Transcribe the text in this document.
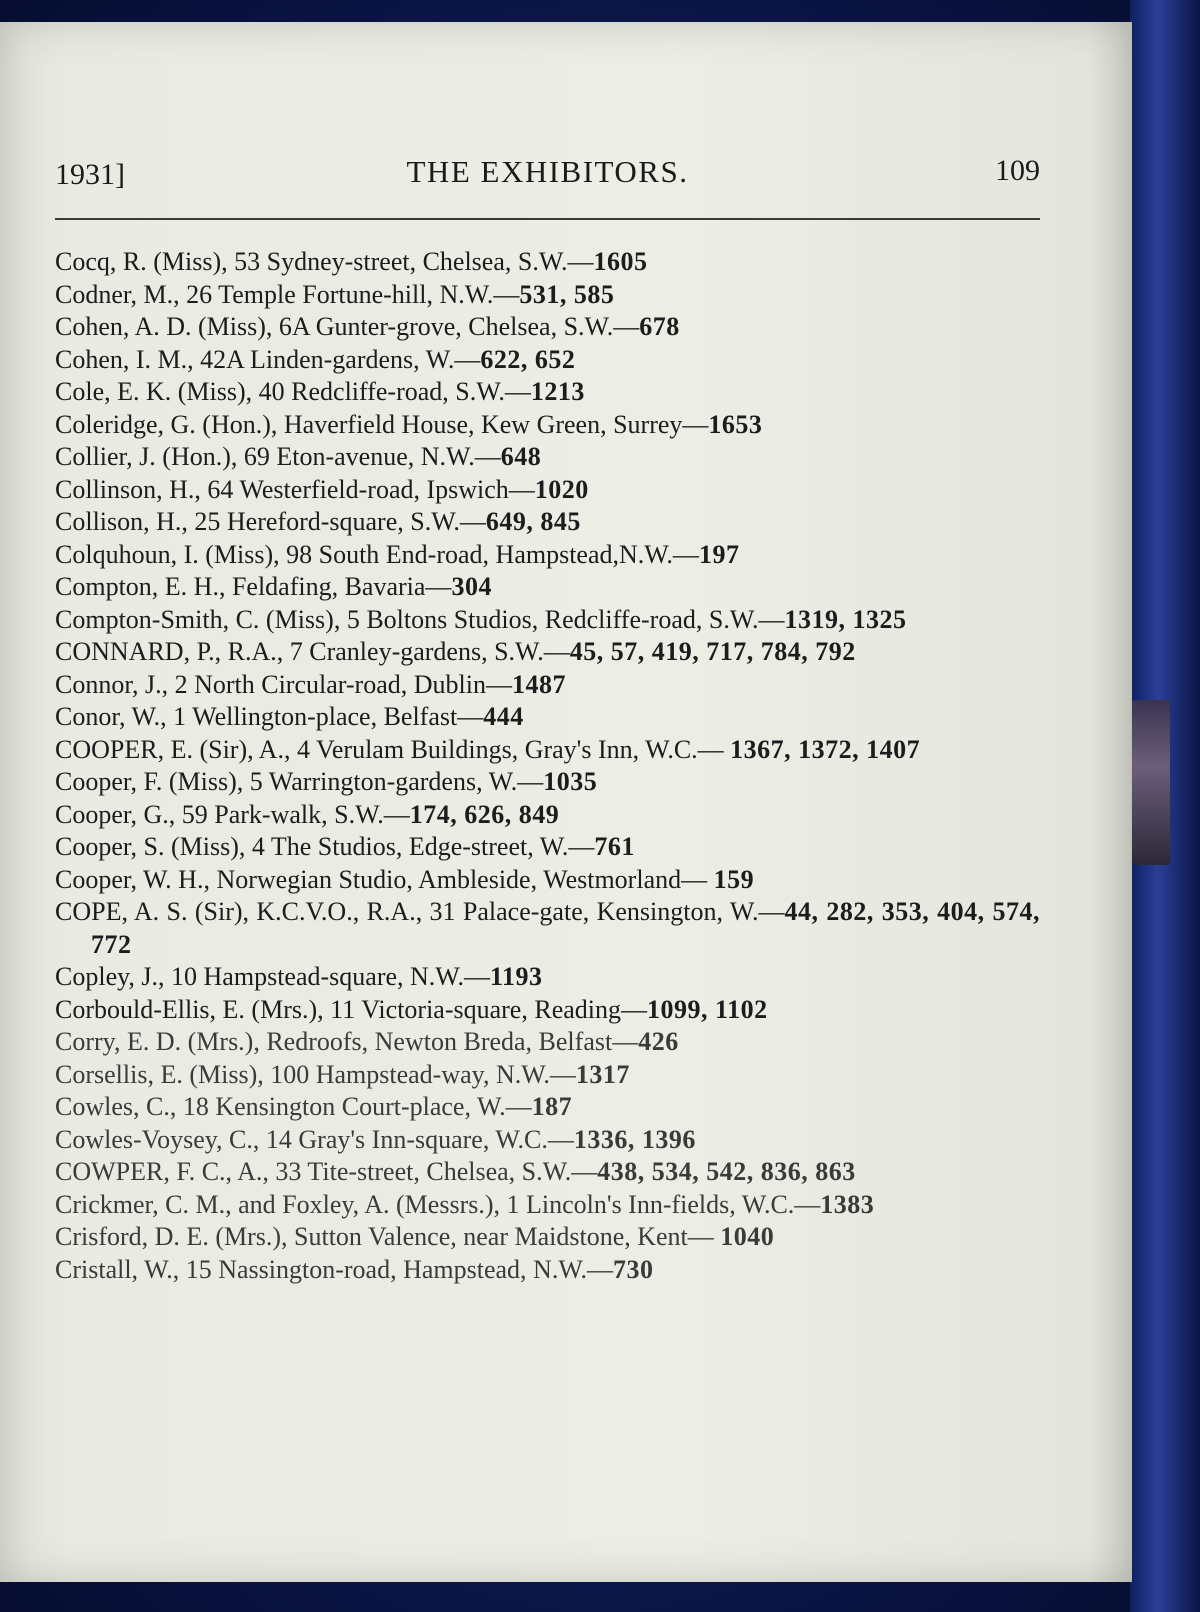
1931]	THE EXHIBITORS.	109

Cocq, R. (Miss), 53 Sydney-street, Chelsea, S.W.—1605

Codner, M., 26 Temple Fortune-hill, N.W.—531, 585

Cohen, A. D. (Miss), 6A Gunter-grove, Chelsea, S.W.—678

Cohen, I. M., 42A Linden-gardens, W.—622, 652

Cole, E. K. (Miss), 40 Redcliffe-road, S.W.—1213

Coleridge, G. (Hon.), Haverfield House, Kew Green, Surrey—1653

Collier, J. (Hon.), 69 Eton-avenue, N.W.—648

Collinson, H., 64 Westerfield-road, Ipswich—1020

Collison, H., 25 Hereford-square, S.W.—649, 845

Colquhoun, I. (Miss), 98 South End-road, Hampstead,N.W.—197

Compton, E. H., Feldafing, Bavaria—304

Compton-Smith, C. (Miss), 5 Boltons Studios, Redcliffe-road, S.W.—1319, 1325

CONNARD, P., R.A., 7 Cranley-gardens, S.W.—45, 57, 419, 717, 784, 792

Connor, J., 2 North Circular-road, Dublin—1487

Conor, W., 1 Wellington-place, Belfast—444

COOPER, E. (Sir), A., 4 Verulam Buildings, Gray's Inn, W.C.— 1367, 1372, 1407

Cooper, F. (Miss), 5 Warrington-gardens, W.—1035

Cooper, G., 59 Park-walk, S.W.—174, 626, 849

Cooper, S. (Miss), 4 The Studios, Edge-street, W.—761

Cooper, W. H., Norwegian Studio, Ambleside, Westmorland— 159

COPE, A. S. (Sir), K.C.V.O., R.A., 31 Palace-gate, Kensington, W.—44, 282, 353, 404, 574, 772

Copley, J., 10 Hampstead-square, N.W.—1193

Corbould-Ellis, E. (Mrs.), 11 Victoria-square, Reading—1099, 1102

Corry, E. D. (Mrs.), Redroofs, Newton Breda, Belfast—426

Corsellis, E. (Miss), 100 Hampstead-way, N.W.—1317

Cowles, C., 18 Kensington Court-place, W.—187

Cowles-Voysey, C., 14 Gray's Inn-square, W.C.—1336, 1396

COWPER, F. C., A., 33 Tite-street, Chelsea, S.W.—438, 534, 542, 836, 863

Crickmer, C. M., and Foxley, A. (Messrs.), 1 Lincoln's Inn-fields, W.C.—1383

Crisford, D. E. (Mrs.), Sutton Valence, near Maidstone, Kent— 1040

Cristall, W., 15 Nassington-road, Hampstead, N.W.—730
